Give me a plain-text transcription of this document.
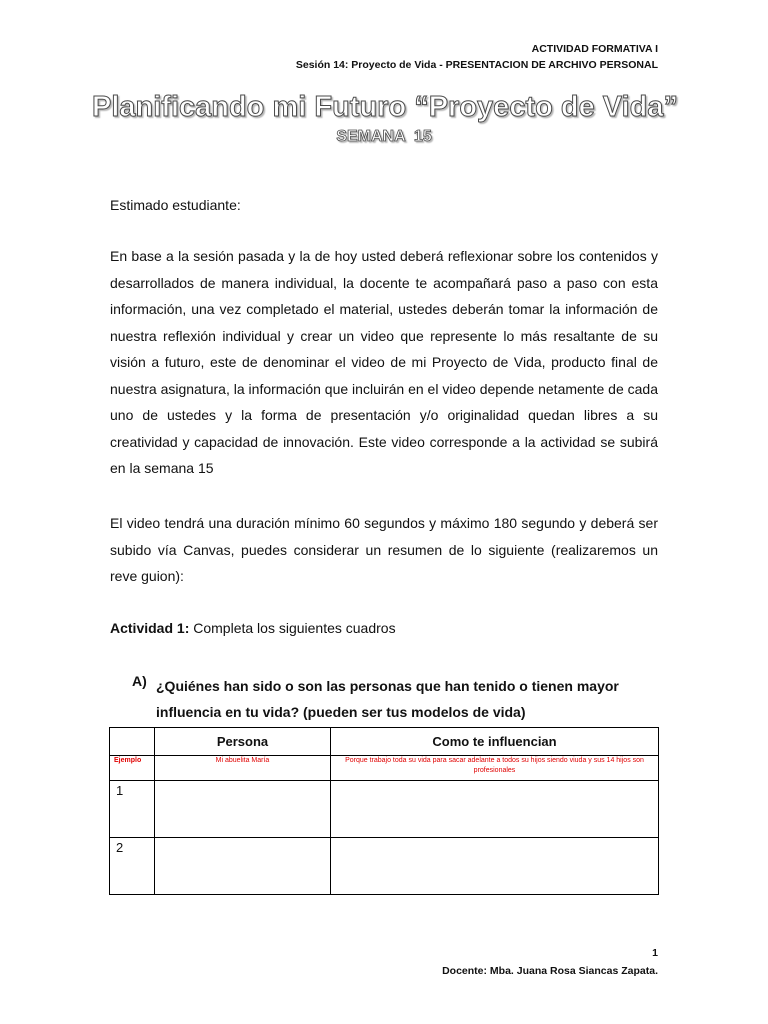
ACTIVIDAD FORMATIVA I
Sesión 14: Proyecto de Vida - PRESENTACION DE ARCHIVO PERSONAL
Planificando mi Futuro “Proyecto de Vida”
SEMANA  15
Estimado estudiante:
En base a la sesión pasada y la de hoy usted deberá reflexionar sobre los contenidos y desarrollados de manera individual, la docente te acompañará paso a paso con esta información, una vez completado el material, ustedes deberán tomar la información de nuestra reflexión individual y crear un video que represente lo más resaltante de su visión a futuro, este de denominar el video de mi Proyecto de Vida, producto final de nuestra asignatura, la información que incluirán en el video depende netamente de cada uno de ustedes y la forma de presentación y/o originalidad quedan libres a su creatividad y capacidad de innovación. Este video corresponde a la actividad se subirá en la semana 15
El video tendrá una duración mínimo 60 segundos y máximo 180 segundo y deberá ser subido vía Canvas, puedes considerar un resumen de lo siguiente (realizaremos un reve guion):
Actividad 1: Completa los siguientes cuadros
A) ¿Quiénes han sido o son las personas que han tenido o tienen mayor influencia en tu vida? (pueden ser tus modelos de vida)
	Persona	Como te influencian
Ejemplo	Mi abuelita María	Porque trabajo toda su vida para sacar adelante a todos su hijos siendo viuda y sus 14 hijos son profesionales
1		
2		
1
Docente: Mba. Juana Rosa Siancas Zapata.
